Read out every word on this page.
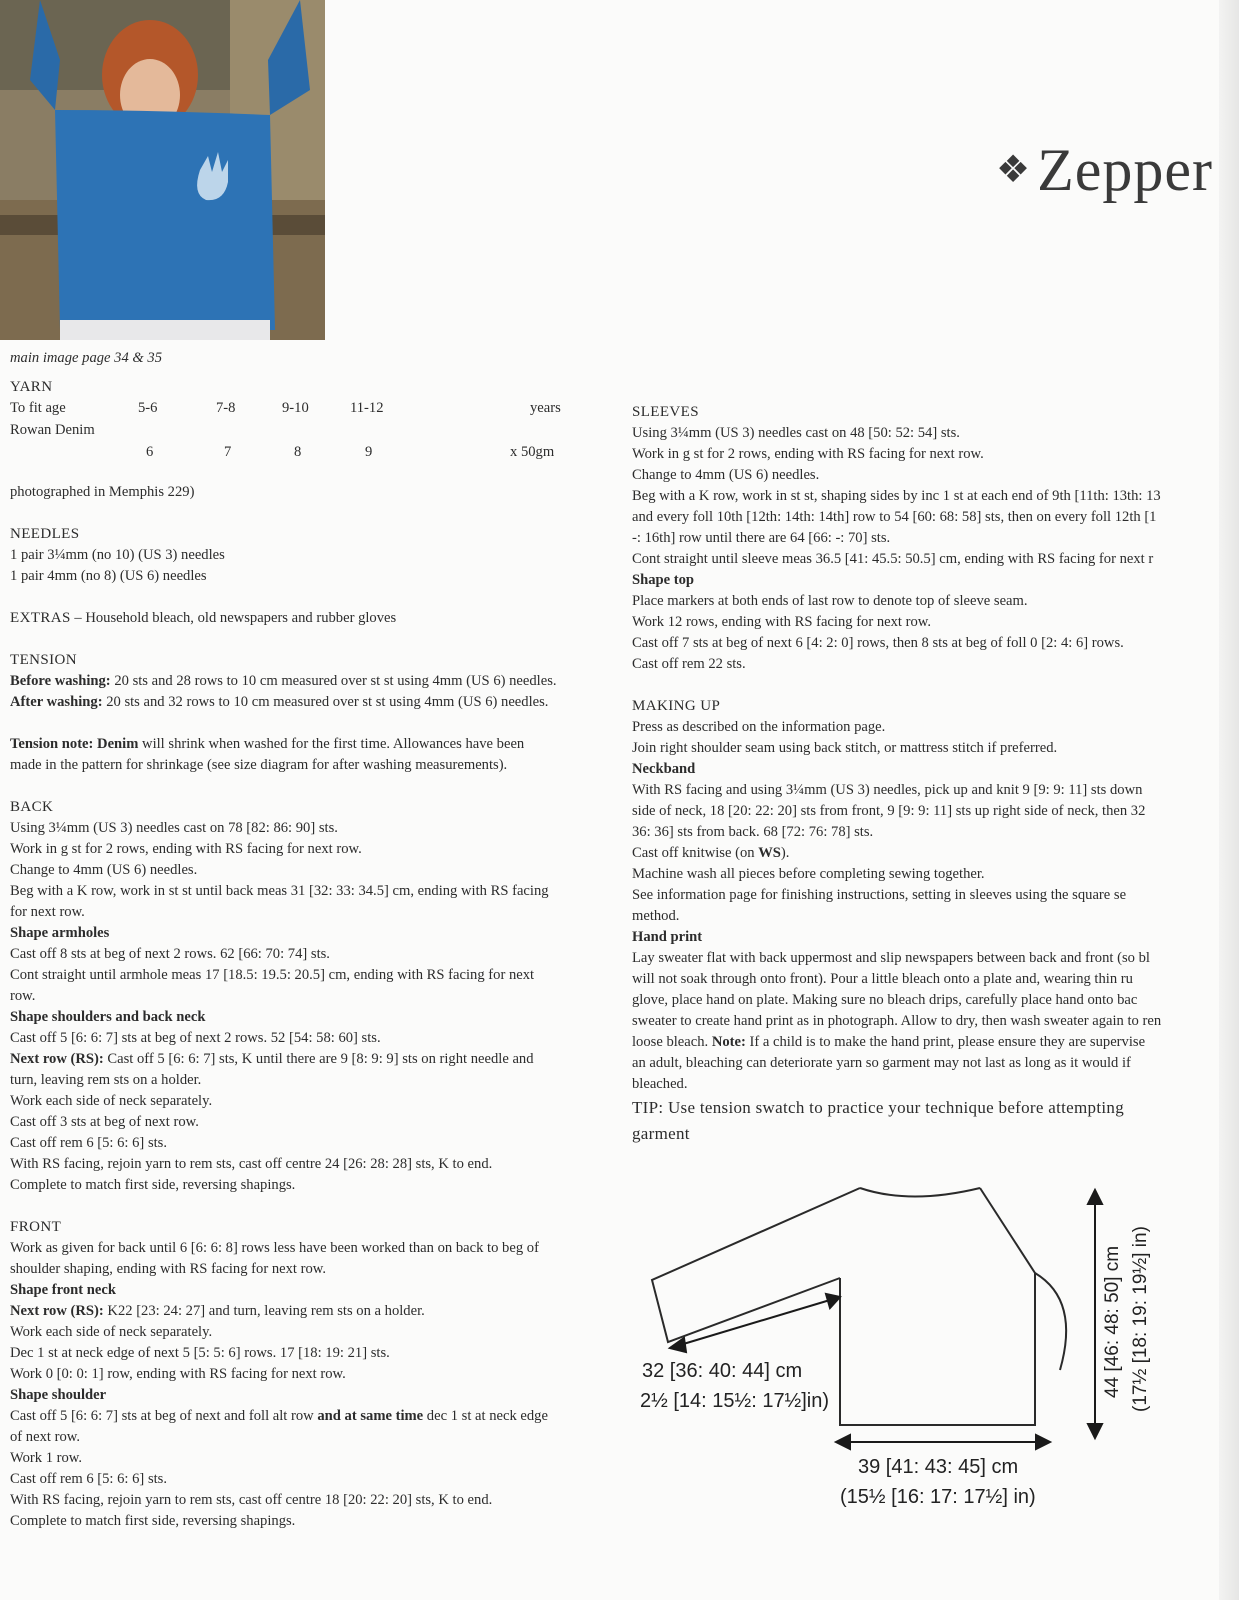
❖ Zepper
main image page 34 & 35
YARN
To fit age	5-6	7-8	9-10	11-12	years
Rowan Denim
6	7	8	9	x 50gm
photographed in Memphis 229)
NEEDLES
1 pair 3¼mm (no 10) (US 3) needles
1 pair 4mm (no 8) (US 6) needles
EXTRAS – Household bleach, old newspapers and rubber gloves
TENSION
Before washing: 20 sts and 28 rows to 10 cm measured over st st using 4mm (US 6) needles.
After washing: 20 sts and 32 rows to 10 cm measured over st st using 4mm (US 6) needles.
Tension note: Denim will shrink when washed for the first time. Allowances have been
made in the pattern for shrinkage (see size diagram for after washing measurements).
BACK
Using 3¼mm (US 3) needles cast on 78 [82: 86: 90] sts.
Work in g st for 2 rows, ending with RS facing for next row.
Change to 4mm (US 6) needles.
Beg with a K row, work in st st until back meas 31 [32: 33: 34.5] cm, ending with RS facing
for next row.
Shape armholes
Cast off 8 sts at beg of next 2 rows. 62 [66: 70: 74] sts.
Cont straight until armhole meas 17 [18.5: 19.5: 20.5] cm, ending with RS facing for next
row.
Shape shoulders and back neck
Cast off 5 [6: 6: 7] sts at beg of next 2 rows. 52 [54: 58: 60] sts.
Next row (RS): Cast off 5 [6: 6: 7] sts, K until there are 9 [8: 9: 9] sts on right needle and
turn, leaving rem sts on a holder.
Work each side of neck separately.
Cast off 3 sts at beg of next row.
Cast off rem 6 [5: 6: 6] sts.
With RS facing, rejoin yarn to rem sts, cast off centre 24 [26: 28: 28] sts, K to end.
Complete to match first side, reversing shapings.
FRONT
Work as given for back until 6 [6: 6: 8] rows less have been worked than on back to beg of
shoulder shaping, ending with RS facing for next row.
Shape front neck
Next row (RS): K22 [23: 24: 27] and turn, leaving rem sts on a holder.
Work each side of neck separately.
Dec 1 st at neck edge of next 5 [5: 5: 6] rows. 17 [18: 19: 21] sts.
Work 0 [0: 0: 1] row, ending with RS facing for next row.
Shape shoulder
Cast off 5 [6: 6: 7] sts at beg of next and foll alt row and at same time dec 1 st at neck edge
of next row.
Work 1 row.
Cast off rem 6 [5: 6: 6] sts.
With RS facing, rejoin yarn to rem sts, cast off centre 18 [20: 22: 20] sts, K to end.
Complete to match first side, reversing shapings.
SLEEVES
Using 3¼mm (US 3) needles cast on 48 [50: 52: 54] sts.
Work in g st for 2 rows, ending with RS facing for next row.
Change to 4mm (US 6) needles.
Beg with a K row, work in st st, shaping sides by inc 1 st at each end of 9th [11th: 13th: 13
and every foll 10th [12th: 14th: 14th] row to 54 [60: 68: 58] sts, then on every foll 12th [1
-: 16th] row until there are 64 [66: -: 70] sts.
Cont straight until sleeve meas 36.5 [41: 45.5: 50.5] cm, ending with RS facing for next r
Shape top
Place markers at both ends of last row to denote top of sleeve seam.
Work 12 rows, ending with RS facing for next row.
Cast off 7 sts at beg of next 6 [4: 2: 0] rows, then 8 sts at beg of foll 0 [2: 4: 6] rows.
Cast off rem 22 sts.
MAKING UP
Press as described on the information page.
Join right shoulder seam using back stitch, or mattress stitch if preferred.
Neckband
With RS facing and using 3¼mm (US 3) needles, pick up and knit 9 [9: 9: 11] sts down
side of neck, 18 [20: 22: 20] sts from front, 9 [9: 9: 11] sts up right side of neck, then 32
36: 36] sts from back. 68 [72: 76: 78] sts.
Cast off knitwise (on WS).
Machine wash all pieces before completing sewing together.
See information page for finishing instructions, setting in sleeves using the square se
method.
Hand print
Lay sweater flat with back uppermost and slip newspapers between back and front (so bl
will not soak through onto front). Pour a little bleach onto a plate and, wearing thin ru
glove, place hand on plate. Making sure no bleach drips, carefully place hand onto bac
sweater to create hand print as in photograph. Allow to dry, then wash sweater again to ren
loose bleach. Note: If a child is to make the hand print, please ensure they are supervise
an adult, bleaching can deteriorate yarn so garment may not last as long as it would if
bleached.
TIP: Use tension swatch to practice your technique before attempting
garment
32 [36: 40: 44] cm
2½ [14: 15½: 17½]in)
39 [41: 43: 45] cm
(15½ [16: 17: 17½] in)
44 [46: 48: 50] cm (17½ [18: 19: 19½] in)
